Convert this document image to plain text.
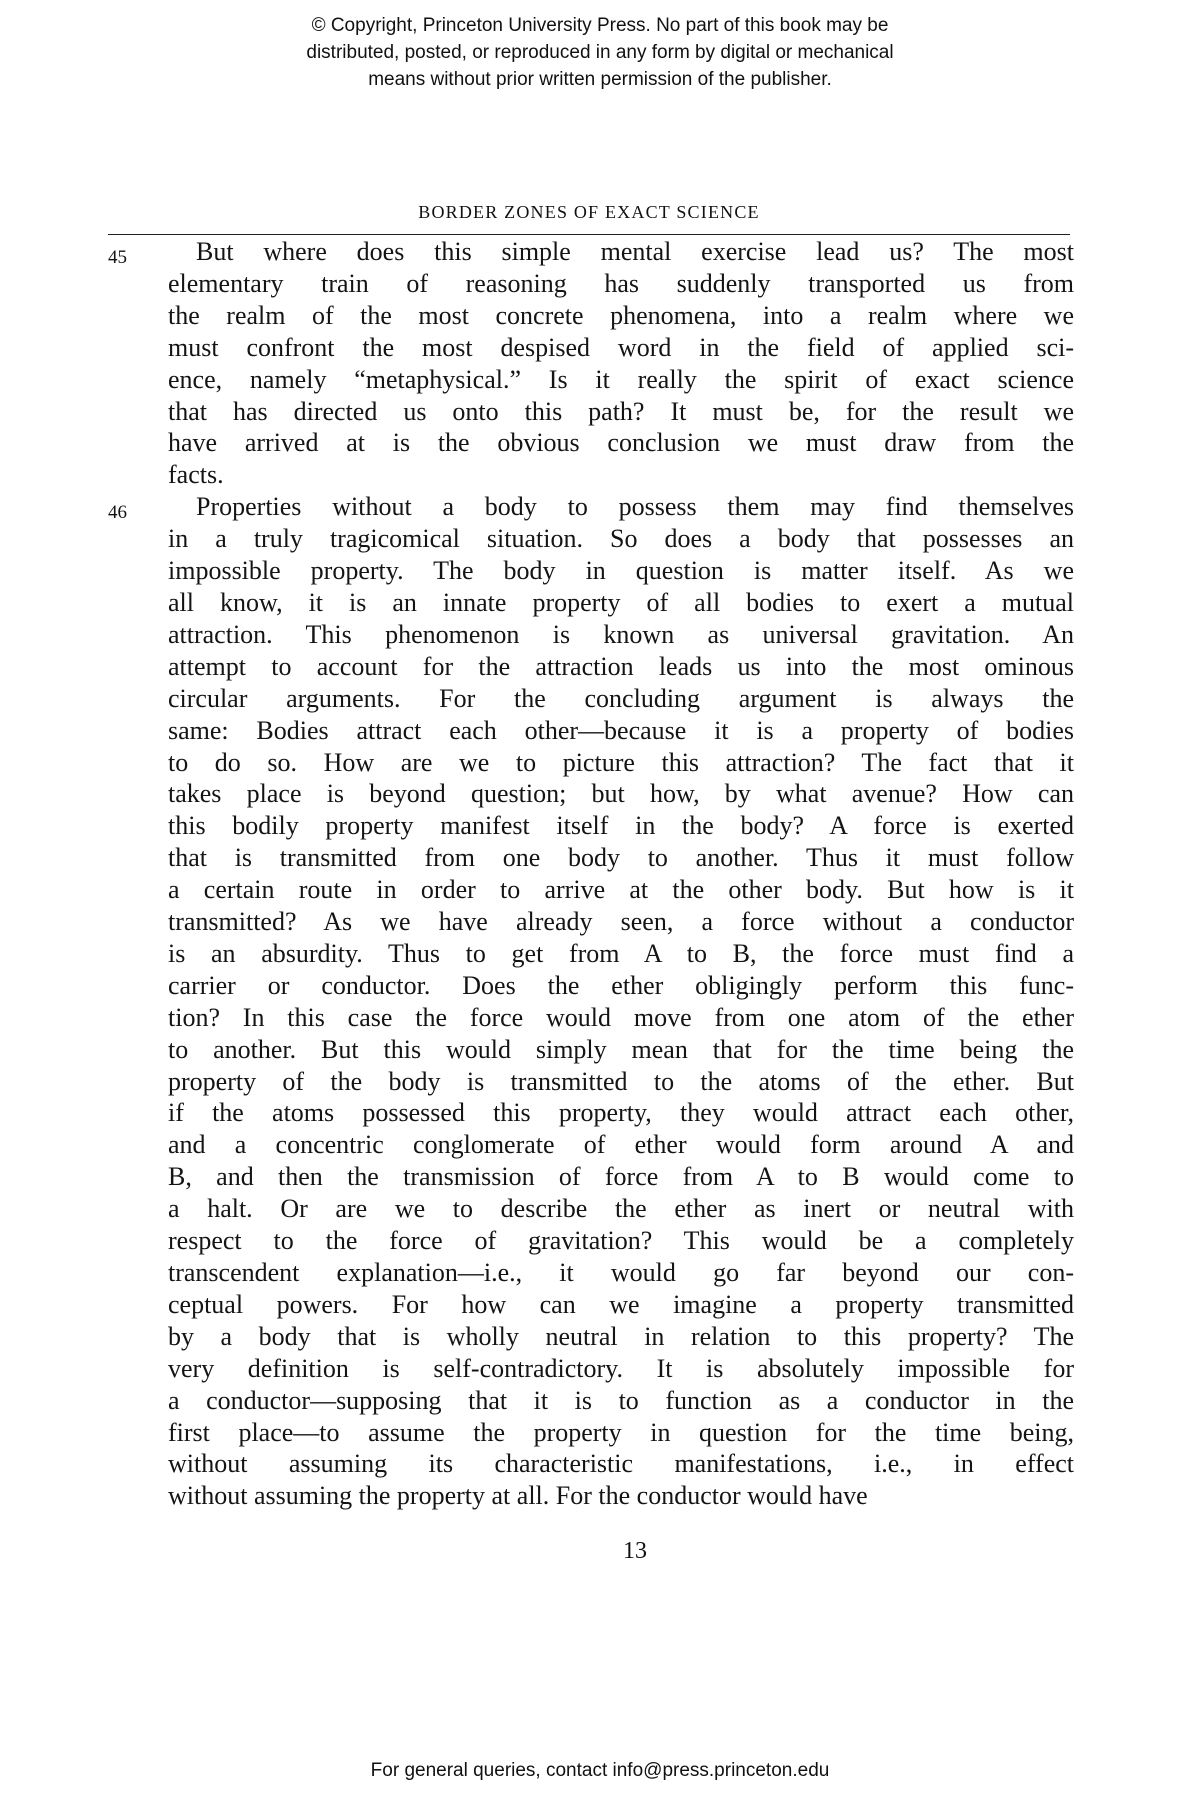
© Copyright, Princeton University Press. No part of this book may be
distributed, posted, or reproduced in any form by digital or mechanical
means without prior written permission of the publisher.
BORDER ZONES OF EXACT SCIENCE
45	But where does this simple mental exercise lead us? The most
elementary train of reasoning has suddenly transported us from
the realm of the most concrete phenomena, into a realm where we
must confront the most despised word in the field of applied sci-
ence, namely “metaphysical.” Is it really the spirit of exact science
that has directed us onto this path? It must be, for the result we
have arrived at is the obvious conclusion we must draw from the
facts.
46	Properties without a body to possess them may find themselves
in a truly tragicomical situation. So does a body that possesses an
impossible property. The body in question is matter itself. As we
all know, it is an innate property of all bodies to exert a mutual
attraction. This phenomenon is known as universal gravitation. An
attempt to account for the attraction leads us into the most ominous
circular arguments. For the concluding argument is always the
same: Bodies attract each other—because it is a property of bodies
to do so. How are we to picture this attraction? The fact that it
takes place is beyond question; but how, by what avenue? How can
this bodily property manifest itself in the body? A force is exerted
that is transmitted from one body to another. Thus it must follow
a certain route in order to arrive at the other body. But how is it
transmitted? As we have already seen, a force without a conductor
is an absurdity. Thus to get from A to B, the force must find a
carrier or conductor. Does the ether obligingly perform this func-
tion? In this case the force would move from one atom of the ether
to another. But this would simply mean that for the time being the
property of the body is transmitted to the atoms of the ether. But
if the atoms possessed this property, they would attract each other,
and a concentric conglomerate of ether would form around A and
B, and then the transmission of force from A to B would come to
a halt. Or are we to describe the ether as inert or neutral with
respect to the force of gravitation? This would be a completely
transcendent explanation—i.e., it would go far beyond our con-
ceptual powers. For how can we imagine a property transmitted
by a body that is wholly neutral in relation to this property? The
very definition is self-contradictory. It is absolutely impossible for
a conductor—supposing that it is to function as a conductor in the
first place—to assume the property in question for the time being,
without assuming its characteristic manifestations, i.e., in effect
without assuming the property at all. For the conductor would have
13
For general queries, contact info@press.princeton.edu
